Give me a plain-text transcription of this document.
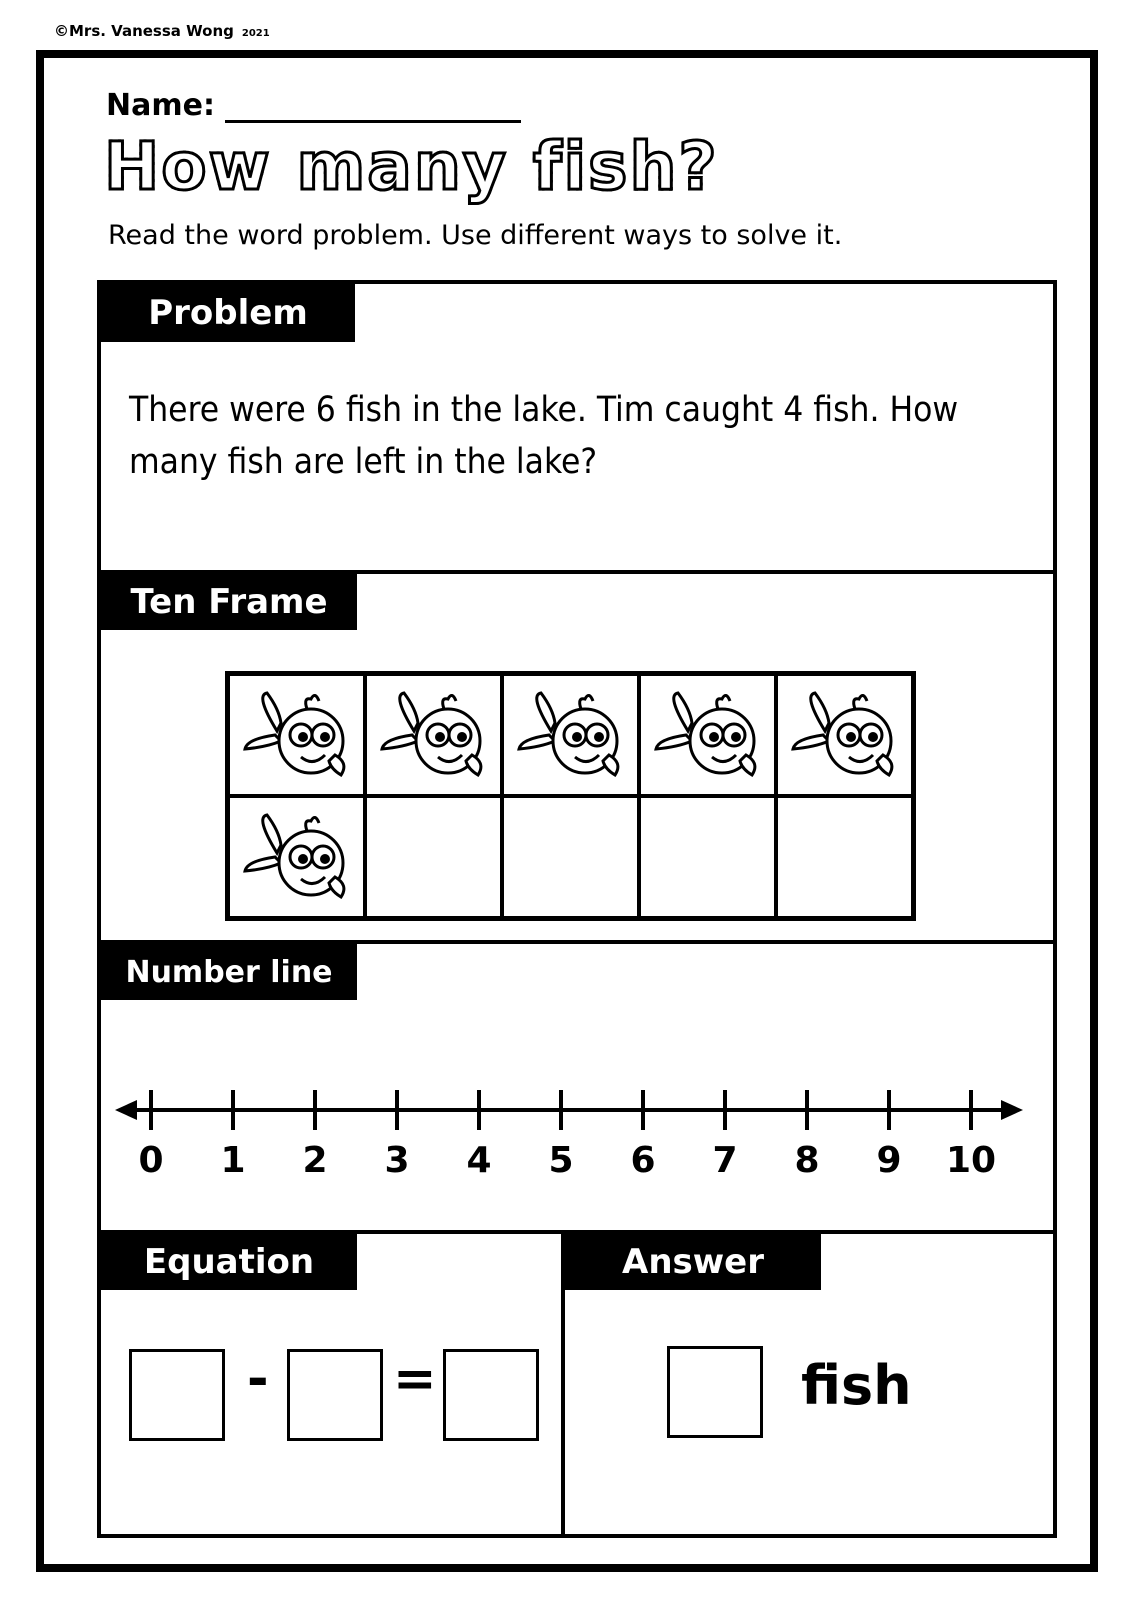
©Mrs. Vanessa Wong 2021
Name:
How many fish?
Read the word problem. Use different ways to solve it.
Problem
There were 6 fish in the lake. Tim caught 4 fish. How many fish are left in the lake?
Ten Frame
Number line
0 1 2 3 4 5 6 7 8 9 10
Equation
- =
Answer
fish
